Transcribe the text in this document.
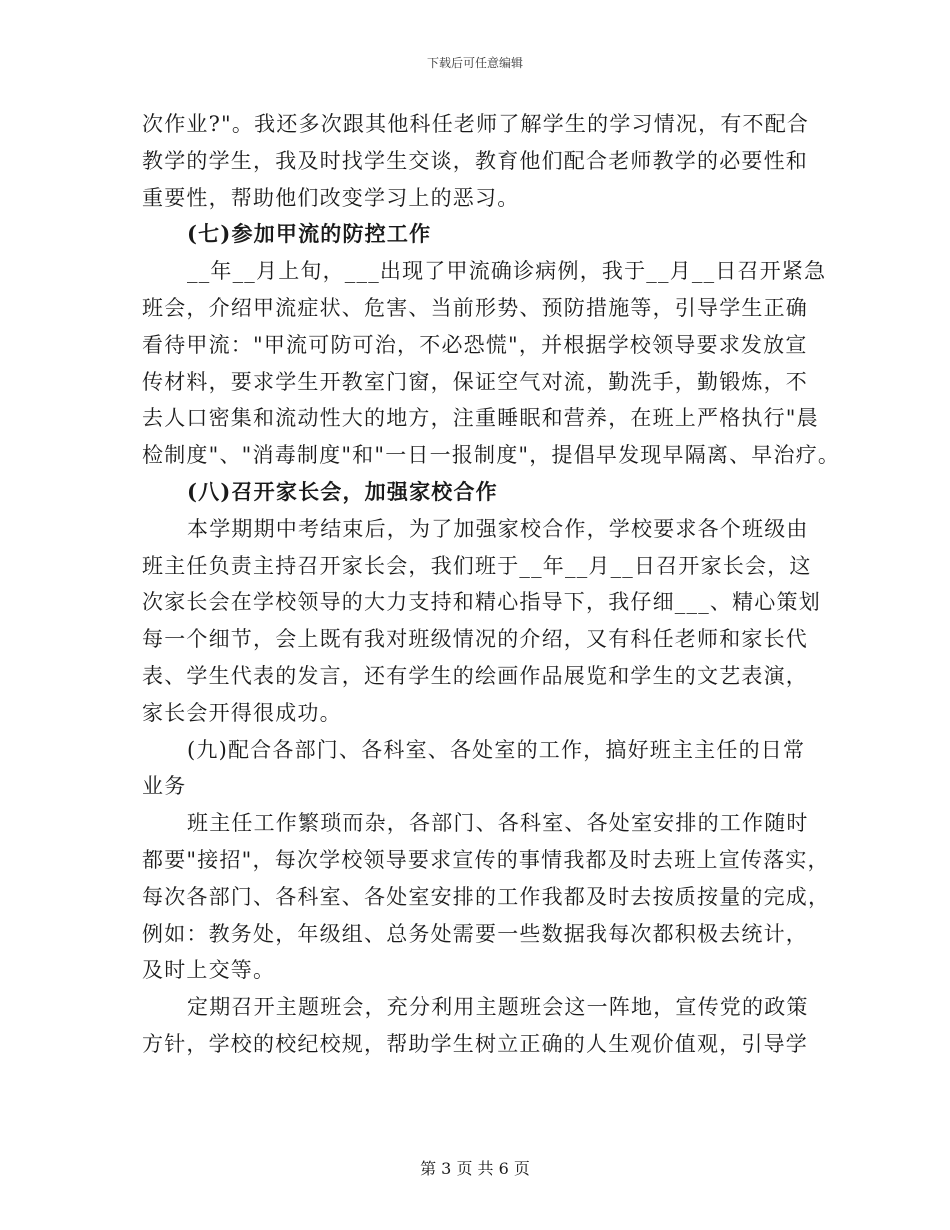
下载后可任意编辑
次作业?"。我还多次跟其他科任老师了解学生的学习情况，有不配合
教学的学生，我及时找学生交谈，教育他们配合老师教学的必要性和
重要性，帮助他们改变学习上的恶习。
(七)参加甲流的防控工作
__年__月上旬，___出现了甲流确诊病例，我于__月__日召开紧急
班会，介绍甲流症状、危害、当前形势、预防措施等，引导学生正确
看待甲流："甲流可防可治，不必恐慌"，并根据学校领导要求发放宣
传材料，要求学生开教室门窗，保证空气对流，勤洗手，勤锻炼，不
去人口密集和流动性大的地方，注重睡眠和营养，在班上严格执行"晨
检制度"、"消毒制度"和"一日一报制度"，提倡早发现早隔离、早治疗。
(八)召开家长会，加强家校合作
本学期期中考结束后，为了加强家校合作，学校要求各个班级由
班主任负责主持召开家长会，我们班于__年__月__日召开家长会，这
次家长会在学校领导的大力支持和精心指导下，我仔细___、精心策划
每一个细节，会上既有我对班级情况的介绍，又有科任老师和家长代
表、学生代表的发言，还有学生的绘画作品展览和学生的文艺表演，
家长会开得很成功。
(九)配合各部门、各科室、各处室的工作，搞好班主主任的日常
业务
班主任工作繁琐而杂，各部门、各科室、各处室安排的工作随时
都要"接招"，每次学校领导要求宣传的事情我都及时去班上宣传落实，
每次各部门、各科室、各处室安排的工作我都及时去按质按量的完成，
例如：教务处，年级组、总务处需要一些数据我每次都积极去统计，
及时上交等。
定期召开主题班会，充分利用主题班会这一阵地，宣传党的政策
方针，学校的校纪校规，帮助学生树立正确的人生观价值观，引导学
第 3 页 共 6 页
